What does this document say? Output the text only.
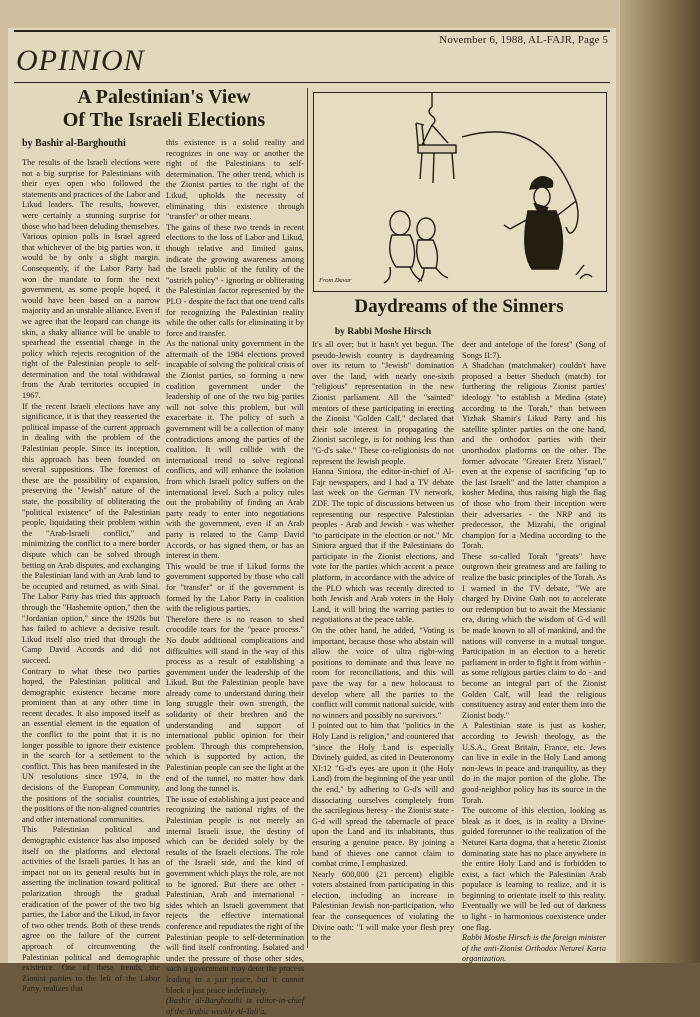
November 6, 1988, AL-FAJR, Page 5
OPINION
A Palestinian's View
Of The Israeli Elections
by Bashir al-Barghouthi
The results of the Israeli elections were not a big surprise for Palestinians with their eyes open who followed the statements and practices of the Labor and Likud leaders. The results, however, were certainly a stunning surprise for those who had been deluding themselves.
Various opinion polls in Israel agreed that whichever of the big parties won, it would be by only a slight margin. Consequently, if the Labor Party had won the mandate to form the next government, as some people hoped, it would have been based on a narrow majority and an unstable alliance. Even if we agree that the leopard can change its skin, a shaky alliance will be unable to spearhead the essential change in the policy which rejects recognition of the right of the Palestinian people to self-determination and the total withdrawal from the Arab territories occupied in 1967.
If the recent Israeli elections have any significance, it is that they reasserted the political impasse of the current approach in dealing with the problem of the Palestinian people. Since its inception, this approach has been founded on several suppositions. The foremost of these are the possibility of expansion, preserving the "Jewish" nature of the state, the possibility of obliterating the "political existence" of the Palestinian people, liquidating their problem within the "Arab-Israeli conflict," and minimizing the conflict to a mere border dispute which can be solved through betting on Arab disputes, and exchanging the Palestinian land with an Arab land to be occupied and returned, as with Sinai. The Labor Party has tried this approach through the "Hashemite option," then the "Jordanian option," since the 1920s but has failed to achieve a decisive result. Likud itself also tried that through the Camp David Accords and did not succeed.
Contrary to what these two parties hoped, the Palestinian political and demographic existence became more prominent than at any other time in recent decades. It also imposed itself as an essential element in the equation of the conflict to the point that it is no longer possible to ignore their existence in the search for a settlement to the conflict. This has been manifested in the UN resolutions since 1974, in the decisions of the European Community, the positions of the socialist countries, the positions of the non-aligned countries and other international communities.
This Palestinian political and demographic existence has also imposed itself on the platforms and electoral activities of the Israeli parties. It has an impact not on its general results but in asserting the inclination toward political polarization through the gradual eradication of the power of the two big parties, the Labor and the Likud, in favor of two other trends. Both of these trends agree on the failure of the current approach of circumventing the Palestinian political and demographic existence. One of these trends, the Zionist parties to the left of the Labor Party, realizes that
this existence is a solid reality and recognizes in one way or another the right of the Palestinians to self-determination. The other trend, which is the Zionist parties to the right of the Likud, upholds the necessity of eliminating this existence through "transfer" or other means.
The gains of these two trends in recent elections to the loss of Labor and Likud, though relative and limited gains, indicate the growing awareness among the Israeli public of the futility of the "ostrich policy" - ignoring or obliterating the Palestinian factor represented by the PLO - despite the fact that one trend calls for recognizing the Palestinian reality while the other calls for eliminating it by force and transfer.
As the national unity government in the aftermath of the 1984 elections proved incapable of solving the political crisis of the Zionist parties, so forming a new coalition government under the leadership of one of the two big parties will not solve this problem, but will exacerbate it. The policy of such a government will be a collection of many contradictions among the parties of the coalition. It will collide with the international trend to solve regional conflicts, and will enhance the isolation from which Israeli policy suffers on the international level. Such a policy rules out the probability of finding an Arab party ready to enter into negotiations with the government, even if an Arab party is related to the Camp David Accords, or has signed them, or has an interest in them.
This would be true if Likud forms the government supported by those who call for "transfer" or if the government is formed by the Labor Party in coalition with the religious parties.
Therefore there is no reason to shed crocodile tears for the "peace process." No doubt additional complications and difficulties will stand in the way of this process as a result of establishing a government under the leadership of the Likud. But the Palestinian people have already come to understand during their long struggle their own strength, the solidarity of their brethren and the understanding and support of international public opinion for their problem. Through this comprehension, which is supported by action, the Palestinian people can see the light at the end of the tunnel, no matter how dark and long the tunnel is.
The issue of establishing a just peace and recognizing the national rights of the Palestinian people is not merely an internal Israeli issue, the destiny of which can be decided solely by the results of the Israeli elections. The role of the Israeli side, and the kind of government which plays the role, are not to be ignored. But there are other - Palestinian, Arab and international - sides which an Israeli government that rejects the effective international conference and repudiates the right of the Palestinian people to self-determination will find itself confronting. Isolated and under the pressure of those other sides, such a government may deter the process leading to a just peace, but it cannot block a just peace indefinitely.
(Bashir al-Barghouthi is editor-in-chief of the Arabic weekly Al-Tali'a.
From Davar
Daydreams of the Sinners
by Rabbi Moshe Hirsch
It's all over; but it hasn't yet begun. The pseudo-Jewish country is daydreaming over its return to "Jewish" domination over the land, with nearly one-sixth "religious" representation in the new Zionist parliament. All the "sainted" mentors of these participating in erecting the Zionist "Golden Calf," declared that their sole interest in propagating the Zionist sacrilege, is for nothing less than "G-d's sake." These co-religionists do not represent the Jewish people.
Hanna Siniora, the editor-in-chief of Al-Fajr newspapers, and I had a TV debate last week on the German TV network, ZDF. The topic of discussions between us representing our respective Palestinian peoples - Arab and Jewish - was whether "to participate in the election or not." Mr. Siniora argued that if the Palestinians do participate in the Zionist elections, and vote for the parties which accent a peace platform, in accordance with the advice of the PLO which was recently directed to both Jewish and Arab voters in the Holy Land, it will bring the warring parties to negotiations at the peace table.
On the other hand, he added, "Voting is important, because those who abstain will allow the voice of ultra right-wing positions to dominate and thus leave no room for reconciliations, and this will pave the way for a new holocaust to develop where all the parties to the conflict will commit national suicide, with no winners and possibly no survivors."
I pointed out to him that "politics in the Holy Land is religion," and countered that "since the Holy Land is especially Divinely guided, as cited in Deuteronomy XI:12 "G-d's eyes are upon it (the Holy Land) from the beginning of the year until the end," by adhering to G-d's will and dissociating ourselves completely from the sacrilegious heresy - the Zionist state - G-d will spread the tabernacle of peace upon the Land and its inhabitants, thus ensuring a genuine peace. By joining a band of thieves one cannot claim to combat crime, I emphasized.
Nearly 600,000 (21 percent) eligible voters abstained from participating in this election, including an increase in Palestinian Jewish non-participation, who fear the consequences of violating the Divine oath: "I will make your flesh prey to the
deer and antelope of the forest" (Song of Songs II:7).
A Shadchan (matchmaker) couldn't have proposed a better Sheduch (match) for furthering the religious Zionist parties' ideology "to establish a Medina (state) according to the Torah," than between Yizhak Shamir's Likud Party and his satellite splinter parties on the one hand, and the orthodox parties with their unorthodox platforms on the other. The former advocate "Greater Eretz Yisrael," even at the expense of sacrificing "up to the last Israeli" and the latter champion a kosher Medina, thus raising high the flag of those who from their inception were their adversaries - the NRP and its predecessor, the Mizrahi, the original champion for a Medina according to the Torah.
These so-called Torah "greats" have outgrown their greatness and are failing to realize the basic principles of the Torah. As I warned in the TV debate, "We are charged by Divine Oath not to accelerate our redemption but to await the Messianic era, during which the wisdom of G-d will be made known to all of mankind, and the nations will converse in a mutual tongue. Participation in an election to a heretic parliament in order to fight it from within - as some religious parties claim to do - and become an integral part of the Zionist Golden Calf, will lead the religious constituency astray and enter them into the Zionist body."
A Palestinian state is just as kosher, according to Jewish theology, as the U.S.A., Great Britain, France, etc. Jews can live in exile in the Holy Land among non-Jews in peace and tranquility, as they do in the major portion of the globe. The good-neighbor policy has its source in the Torah.
The outcome of this election, looking as bleak as it does, is in reality a Divine-guided forerunner to the realization of the Neturei Karta dogma, that a heretic Zionist dominating state has no place anywhere in the entire Holy Land and is forbidden to exist, a fact which the Palestinian Arab populace is learning to realize, and it is beginning to orientate itself to this reality. Eventually we will be led out of darkness to light - in harmonious coexistence under one flag.
Rabbi Moshe Hirsch is the foreign minister of the anti-Zionist Orthodox Neturei Karta organization.
